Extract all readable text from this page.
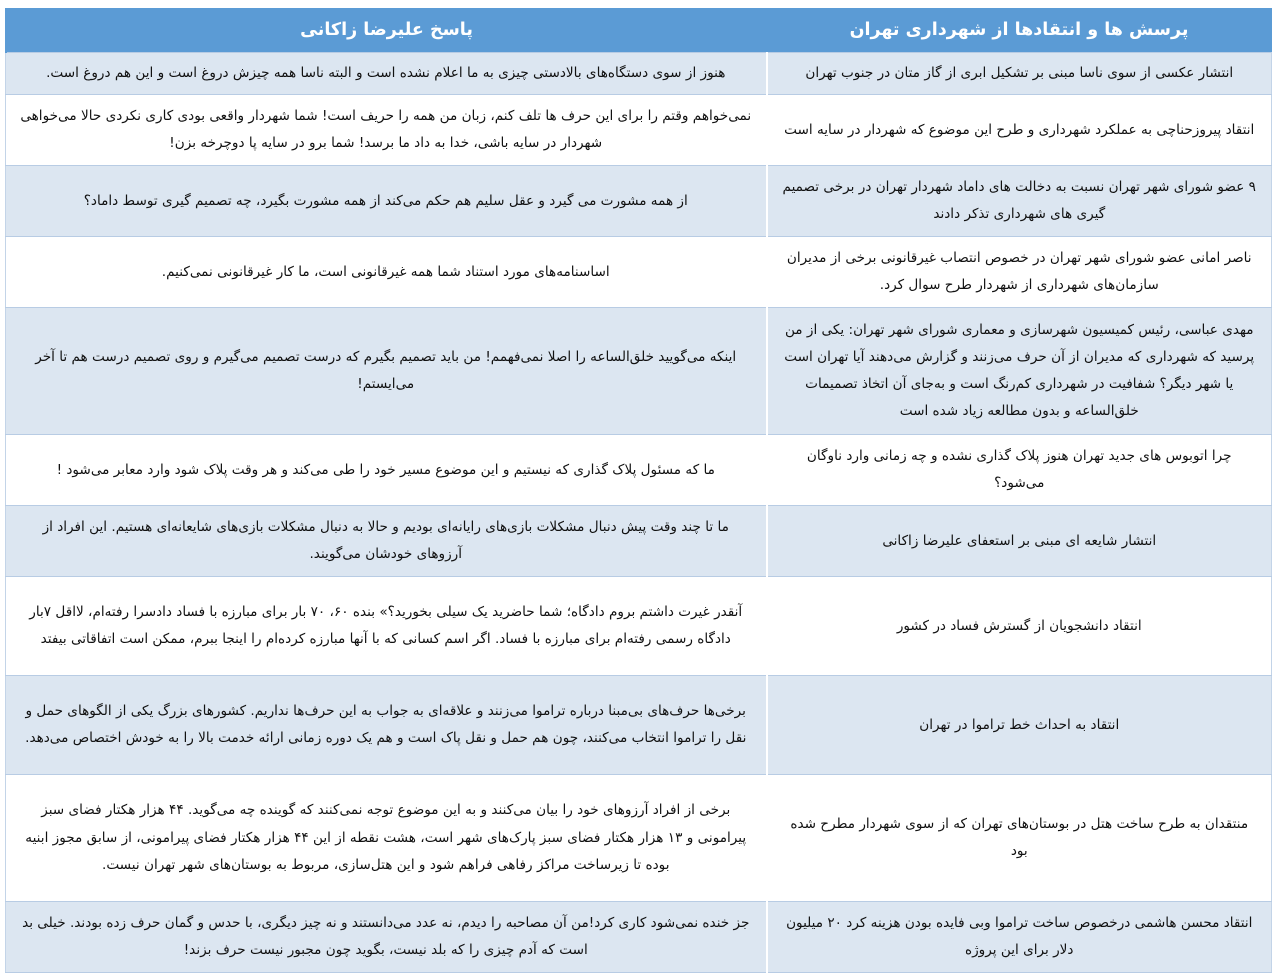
پرسش ها و انتقادها از شهرداری تهران	پاسخ علیرضا زاکانی
انتشار عکسی از سوی ناسا مبنی بر تشکیل ابری از گاز متان در جنوب تهران	هنوز از سوی دستگاه‌های بالادستی چیزی به ما اعلام نشده است و البته ناسا همه چیزش دروغ است و این هم دروغ است.
انتقاد پیروزحناچی به عملکرد شهرداری و طرح این موضوع که شهردار در سایه است	نمی‌خواهم وقتم را برای این حرف ها تلف کنم، زبان من همه را حریف است! شما شهردار واقعی بودی کاری نکردی حالا می‌خواهی شهردار در سایه باشی، خدا به داد ما برسد! شما برو در سایه پا دوچرخه بزن!
۹ عضو شورای شهر تهران نسبت به دخالت های داماد شهردار تهران در برخی تصمیم گیری های شهرداری تذکر دادند	از همه مشورت می گیرد و عقل سلیم هم حکم می‌کند از همه مشورت بگیرد، چه تصمیم گیری توسط داماد؟
ناصر امانی عضو شورای شهر تهران در خصوص انتصاب غیرقانونی برخی از مدیران سازمان‌های شهرداری از شهردار طرح سوال کرد.	اساسنامه‌های مورد استناد شما همه غیرقانونی است، ما کار غیرقانونی نمی‌کنیم.
مهدی عباسی، رئیس کمیسیون شهرسازی و معماری شورای شهر تهران: یکی از من پرسید که شهرداری که مدیران از آن حرف می‌زنند و گزارش می‌دهند آیا تهران است یا شهر دیگر؟ شفافیت در شهرداری کم‌رنگ است و به‌جای آن اتخاذ تصمیمات خلق‌الساعه و بدون مطالعه زیاد شده است	اینکه می‌گویید خلق‌الساعه را اصلا نمی‌فهمم! من باید تصمیم بگیرم که درست تصمیم می‌گیرم و روی تصمیم درست هم تا آخر می‌ایستم!
چرا اتوبوس های جدید تهران هنوز پلاک گذاری نشده و چه زمانی وارد ناوگان می‌شود؟	ما که مسئول پلاک گذاری که نیستیم و این موضوع مسیر خود را طی می‌کند و هر وقت پلاک شود وارد معابر می‌شود !
انتشار شایعه ای مبنی بر استعفای علیرضا زاکانی	ما تا چند وقت پیش دنبال مشکلات بازی‌های رایانه‌ای بودیم و حالا به دنبال مشکلات بازی‌های شایعانه‌ای هستیم. این افراد از آرزوهای خودشان می‌گویند.
انتقاد دانشجویان از گسترش فساد در کشور	آنقدر غیرت داشتم بروم دادگاه؛ شما حاضرید یک سیلی بخورید؟» بنده ۶۰، ۷۰ بار برای مبارزه با فساد دادسرا رفته‌ام، لااقل ۷بار دادگاه رسمی رفته‌ام برای مبارزه با فساد. اگر اسم کسانی که با آنها مبارزه کرده‌ام را اینجا ببرم، ممکن است اتفاقاتی بیفتد
انتقاد به احداث خط تراموا در تهران	برخی‌ها حرف‌های بی‌مبنا درباره تراموا می‌زنند و علاقه‌ای به جواب به این حرف‌ها نداریم. کشورهای بزرگ یکی از الگوهای حمل و نقل را تراموا انتخاب می‌کنند، چون هم حمل و نقل پاک است و هم یک دوره زمانی ارائه خدمت بالا را به خودش اختصاص می‌دهد.
منتقدان به طرح ساخت هتل در بوستان‌های تهران که از سوی شهردار مطرح شده بود	برخی از افراد آرزوهای خود را بیان می‌کنند و به این موضوع توجه نمی‌کنند که گوینده چه می‌گوید. ۴۴ هزار هکتار فضای سبز پیرامونی و ۱۳ هزار هکتار فضای سبز پارک‌های شهر است، هشت نقطه از این ۴۴ هزار هکتار فضای پیرامونی، از سابق مجوز ابنیه بوده تا زیرساخت مراکز رفاهی فراهم شود و این هتل‌سازی، مربوط به بوستان‌های شهر تهران نیست.
انتقاد محسن هاشمی درخصوص ساخت تراموا وبی فایده بودن هزینه کرد ۲۰ میلیون دلار برای این پروژه	جز خنده نمی‌شود کاری کرد!من آن مصاحبه را دیدم، نه عدد می‌دانستند و نه چیز دیگری، با حدس و گمان حرف زده بودند. خیلی بد است که آدم چیزی را که بلد نیست، بگوید چون مجبور نیست حرف بزند!
